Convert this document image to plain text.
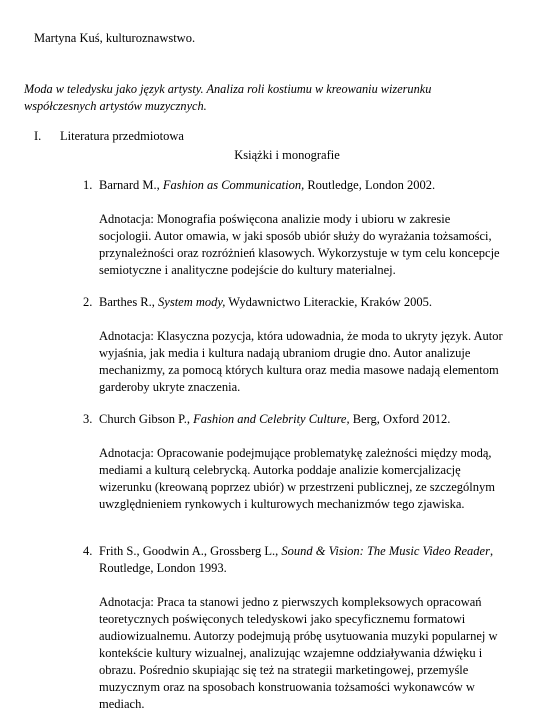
Martyna Kuś, kulturoznawstwo.
Moda w teledysku jako język artysty. Analiza roli kostiumu w kreowaniu wizerunku współczesnych artystów muzycznych.
I. Literatura przedmiotowa
Książki i monografie
1. Barnard M., Fashion as Communication, Routledge, London 2002.
Adnotacja: Monografia poświęcona analizie mody i ubioru w zakresie socjologii. Autor omawia, w jaki sposób ubiór służy do wyrażania tożsamości, przynależności oraz rozróżnień klasowych. Wykorzystuje w tym celu koncepcje semiotyczne i analityczne podejście do kultury materialnej.
2. Barthes R., System mody, Wydawnictwo Literackie, Kraków 2005.
Adnotacja: Klasyczna pozycja, która udowadnia, że moda to ukryty język. Autor wyjaśnia, jak media i kultura nadają ubraniom drugie dno. Autor analizuje mechanizmy, za pomocą których kultura oraz media masowe nadają elementom garderoby ukryte znaczenia.
3. Church Gibson P., Fashion and Celebrity Culture, Berg, Oxford 2012.
Adnotacja: Opracowanie podejmujące problematykę zależności między modą, mediami a kulturą celebrycką. Autorka poddaje analizie komercjalizację wizerunku (kreowaną poprzez ubiór) w przestrzeni publicznej, ze szczególnym uwzględnieniem rynkowych i kulturowych mechanizmów tego zjawiska.
4. Frith S., Goodwin A., Grossberg L., Sound & Vision: The Music Video Reader, Routledge, London 1993.
Adnotacja: Praca ta stanowi jedno z pierwszych kompleksowych opracowań teoretycznych poświęconych teledyskowi jako specyficznemu formatowi audiowizualnemu. Autorzy podejmują próbę usytuowania muzyki popularnej w kontekście kultury wizualnej, analizując wzajemne oddziaływania dźwięku i obrazu. Pośrednio skupiając się też na strategii marketingowej, przemyśle muzycznym oraz na sposobach konstruowania tożsamości wykonawców w mediach.
